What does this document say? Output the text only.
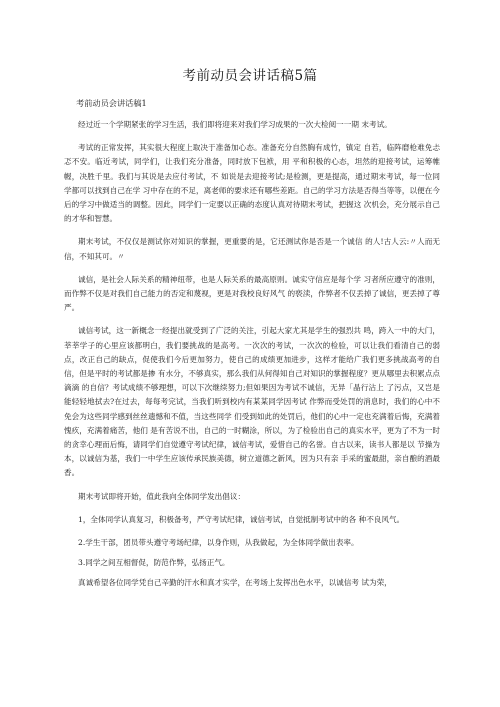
考前动员会讲话稿5篇
考前动员会讲话稿1

经过近一个学期紧张的学习生活，我们即将迎来对我们学习成果的一次大检阅一一期 末考试。

考试的正常发挥，其实很大程度上取决于准备加心态。准备充分自然胸有成竹，镇定 自若，临阵磨枪难免忐忑不安。临近考试，同学们，让我们充分准备，同时放下包袱，用 平和积极的心态，坦然的迎接考试，运筹帷幄，决胜千里。我们与其说是去应付考试，不 如说是去迎接考试;是检测，更是提高，通过期末考试，每一位同学都可以找到自己在学 习中存在的不足，离老师的要求还有哪些差距。自己的学习方法是否得当等等，以便在今 后的学习中做适当的调整。因此，同学们一定要以正确的态度认真对待期末考试，把握这 次机会，充分展示自己的才华和智慧。

期末考试，不仅仅是测试你对知识的掌握，更重要的是，它还测试你是否是一个诚信 的人!古人云:〃人而无信，不知其可。〃

诚信，是社会人际关系的精神纽带，也是人际关系的最高原则。诚实守信应是每个学 习者所应遵守的准则，而作弊不仅是对我们自己能力的否定和蔑视，更是对我校良好风气 的亵渎，作弊者不仅丢掉了诚信，更丢掉了尊严。

诚信考试，这一新概念一经提出就受到了广泛的关注，引起大家尤其是学生的强烈共 鸣，跨入一中的大门，莘莘学子的心里应该都明白，我们要挑战的是高考。一次次的考试，一次次的检验，可以让我们看清自己的弱点，改正自己的缺点，促使我们今后更加努力，使自己的成绩更加进步，这样才能给广我们更多挑战高考的自信，但是平时的考试都是掺 有水分，不够真实，那么我们从何得知自己对知识的掌握程度？更从哪里去积累点点滴滴 的自信？考试成绩不够理想，可以下次继续努力;但如果因为考试不诚信，无异「晶行沾上 了污点，又岂是能轻轻地拭去?在过去，每每考完试，当我们听到校内有某某同学因考试 作弊而受处罚的消息时，我们的心中不免会为这些同学感到丝丝遗憾和不值，当这些同学 们受到如此的处罚后，他们的心中一定也充满着后悔，充满着愧疚，充满着痛苦，他们 是有苦说不出，自己的一时糊涂，所以，为了检验出自己的真实水平，更为了不为一时的贪幸心理而后悔，请同学们自觉遵守考试纪律，诚信考试，爱惜自己的名誉。自古以来，读书人都是以 节操为本，以诚信为基，我们一中学生应该传承民族美德，树立道德之新风，因为只有亲 手采的蜜最甜，亲自酿的酒最香。

期末考试即将开始，值此我向全体同学发出倡议：

1，全体同学认真复习，积极备考，严守考试纪律，诚信考试，自觉抵制考试中的各 种不良风气。

2.学生干部，团员带头遵守考场纪律，以身作则，从我做起，为全体同学做出表率。

3.同学之间互相督促，防范作弊，弘扬正气。

真诚希望各位同学凭自己辛勤的汗水和真才实学，在考场上发挥出色水平，以诚信考 试为荣，
